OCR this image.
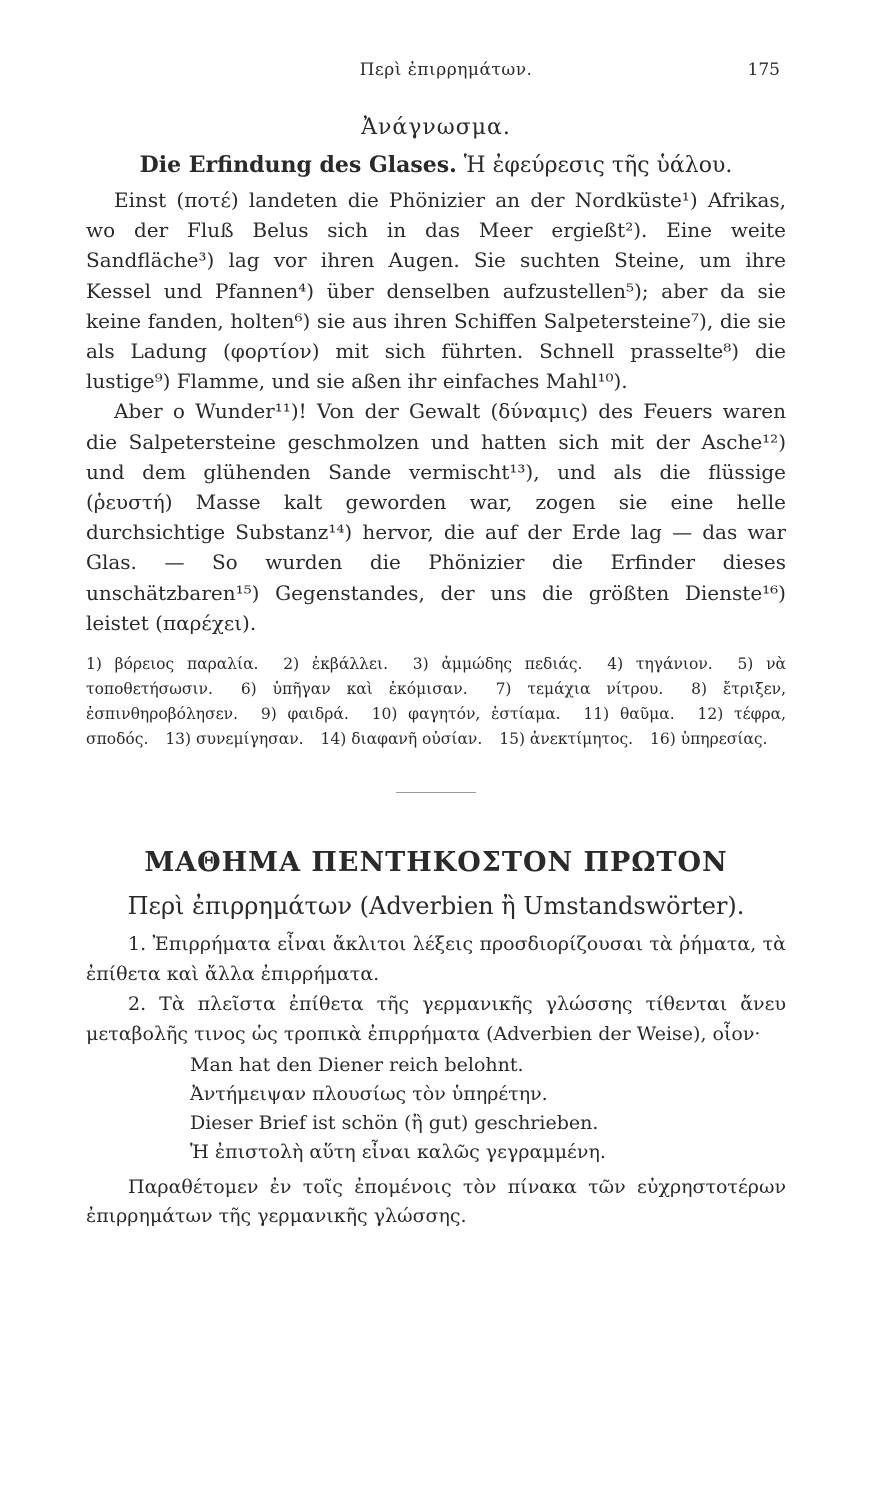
Περὶ ἐπιρρημάτων.	175
Ἀνάγνωσμα.
Die Erfindung des Glases. Ἡ ἐφεύρεσις τῆς ὑάλου.

Einst (ποτέ) landeten die Phönizier an der Nordküste¹) Afrikas, wo der Fluß Belus sich in das Meer ergießt²). Eine weite Sandfläche³) lag vor ihren Augen. Sie suchten Steine, um ihre Kessel und Pfannen⁴) über denselben aufzustellen⁵); aber da sie keine fanden, holten⁶) sie aus ihren Schiffen Salpetersteine⁷), die sie als Ladung (φορτίον) mit sich führten. Schnell prasselte⁸) die lustige⁹) Flamme, und sie aßen ihr einfaches Mahl¹⁰).

Aber o Wunder¹¹)! Von der Gewalt (δύναμις) des Feuers waren die Salpetersteine geschmolzen und hatten sich mit der Asche¹²) und dem glühenden Sande vermischt¹³), und als die flüssige (ῥευστή) Masse kalt geworden war, zogen sie eine helle durchsichtige Substanz¹⁴) hervor, die auf der Erde lag — das war Glas. — So wurden die Phönizier die Erfinder dieses unschätzbaren¹⁵) Gegenstandes, der uns die größten Dienste¹⁶) leistet (παρέχει).

1) βόρειος παραλία. 2) ἐκβάλλει. 3) ἀμμώδης πεδιάς. 4) τηγάνιον. 5) νὰ τοποθετήσωσιν. 6) ὑπῆγαν καὶ ἐκόμισαν. 7) τεμάχια νίτρου. 8) ἔτριξεν, ἐσπινθηροβόλησεν. 9) φαιδρά. 10) φαγητόν, ἑστίαμα. 11) θαῦμα. 12) τέφρα, σποδός. 13) συνεμίγησαν. 14) διαφανῆ οὐσίαν. 15) ἀνεκτίμητος. 16) ὑπηρεσίας.
ΜΑΘΗΜΑ ΠΕΝΤΗΚΟΣΤΟΝ ΠΡΩΤΟΝ
Περὶ ἐπιρρημάτων (Adverbien ἢ Umstandswörter).

1. Ἐπιρρήματα εἶναι ἄκλιτοι λέξεις προσδιορίζουσαι τὰ ῥήματα, τὰ ἐπίθετα καὶ ἄλλα ἐπιρρήματα.

2. Τὰ πλεῖστα ἐπίθετα τῆς γερμανικῆς γλώσσης τίθενται ἄνευ μεταβολῆς τινος ὡς τροπικὰ ἐπιρρήματα (Adverbien der Weise), οἷον·

Man hat den Diener reich belohnt.
Ἀντήμειψαν πλουσίως τὸν ὑπηρέτην.
Dieser Brief ist schön (ἢ gut) geschrieben.
Ἡ ἐπιστολὴ αὕτη εἶναι καλῶς γεγραμμένη.

Παραθέτομεν ἐν τοῖς ἐπομένοις τὸν πίνακα τῶν εὐχρηστοτέρων ἐπιρρημάτων τῆς γερμανικῆς γλώσσης.
